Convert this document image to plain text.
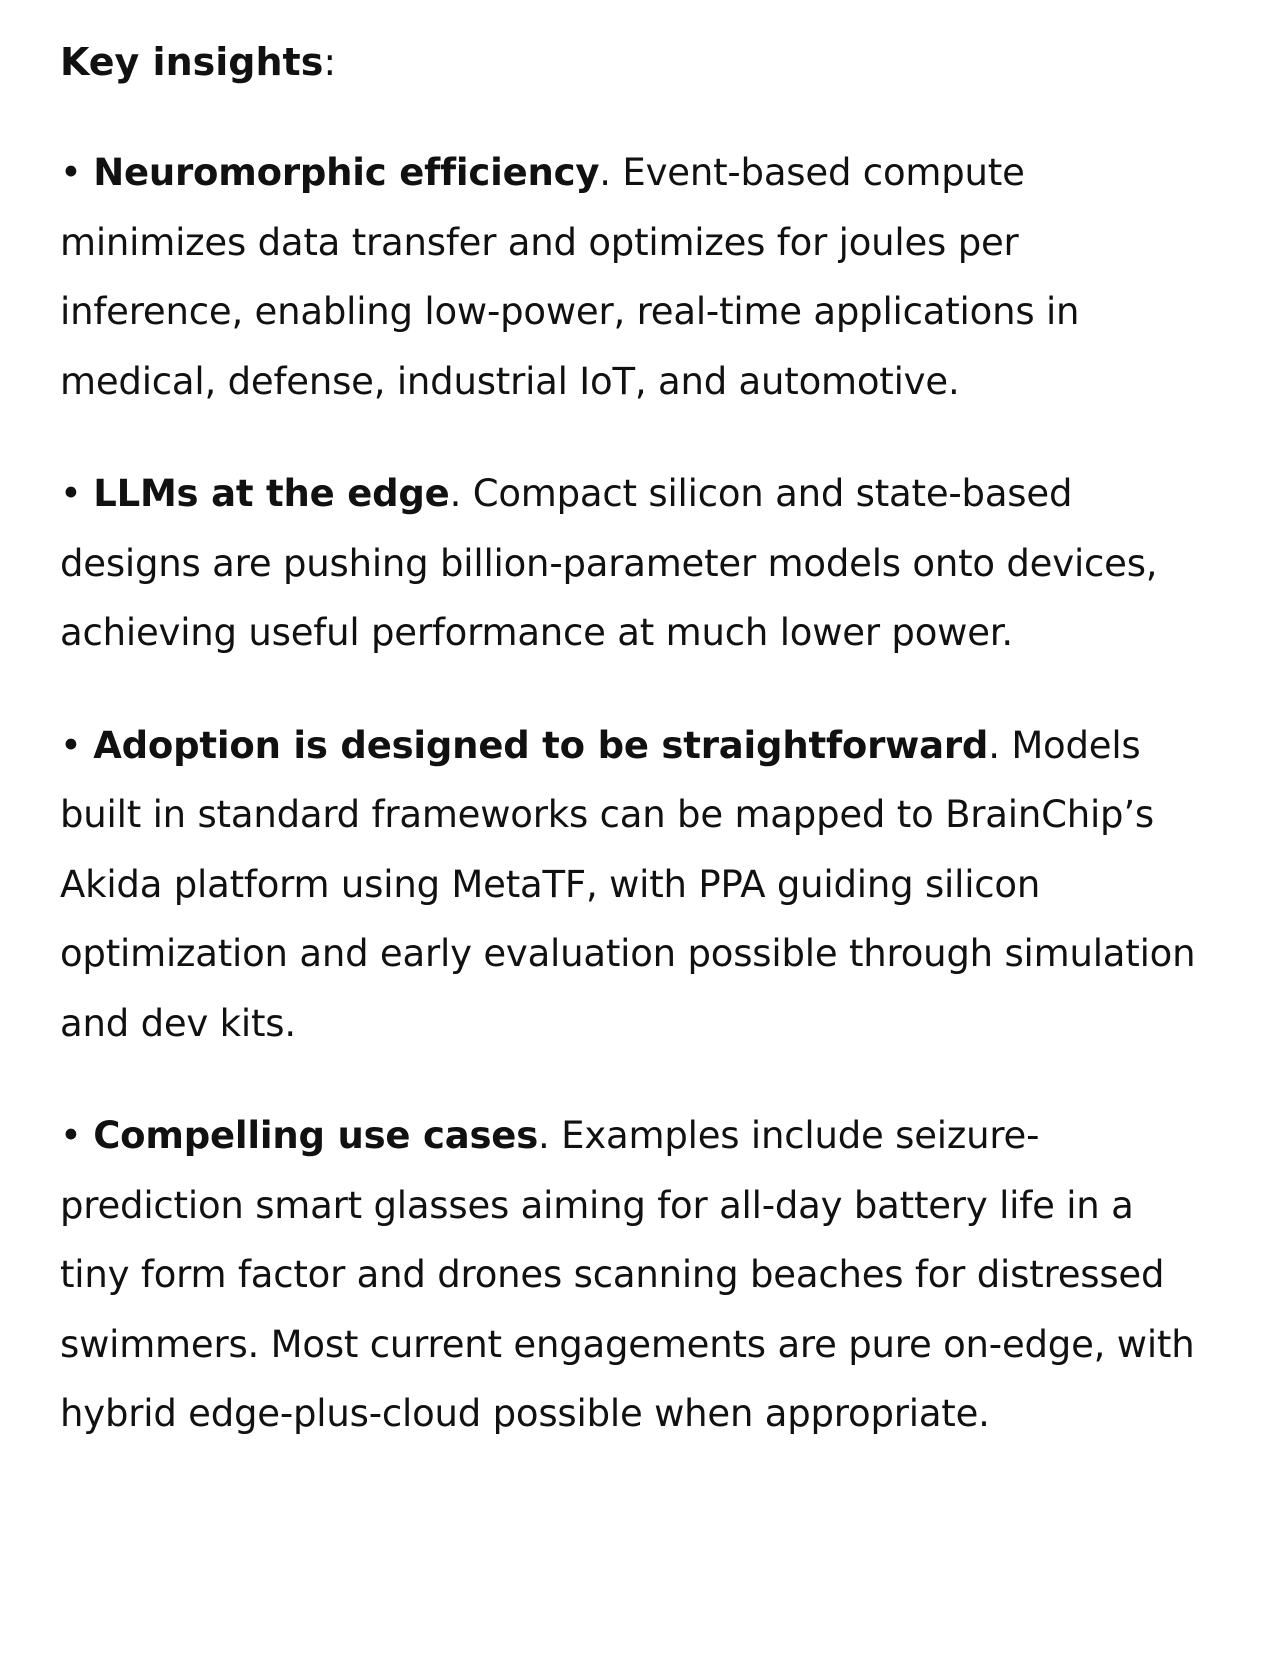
Key insights:

• Neuromorphic efficiency. Event-based compute minimizes data transfer and optimizes for joules per inference, enabling low-power, real-time applications in medical, defense, industrial IoT, and automotive.

• LLMs at the edge. Compact silicon and state-based designs are pushing billion-parameter models onto devices, achieving useful performance at much lower power.

• Adoption is designed to be straightforward. Models built in standard frameworks can be mapped to BrainChip’s Akida platform using MetaTF, with PPA guiding silicon optimization and early evaluation possible through simulation and dev kits.

• Compelling use cases. Examples include seizure-prediction smart glasses aiming for all-day battery life in a tiny form factor and drones scanning beaches for distressed swimmers. Most current engagements are pure on-edge, with hybrid edge-plus-cloud possible when appropriate.
